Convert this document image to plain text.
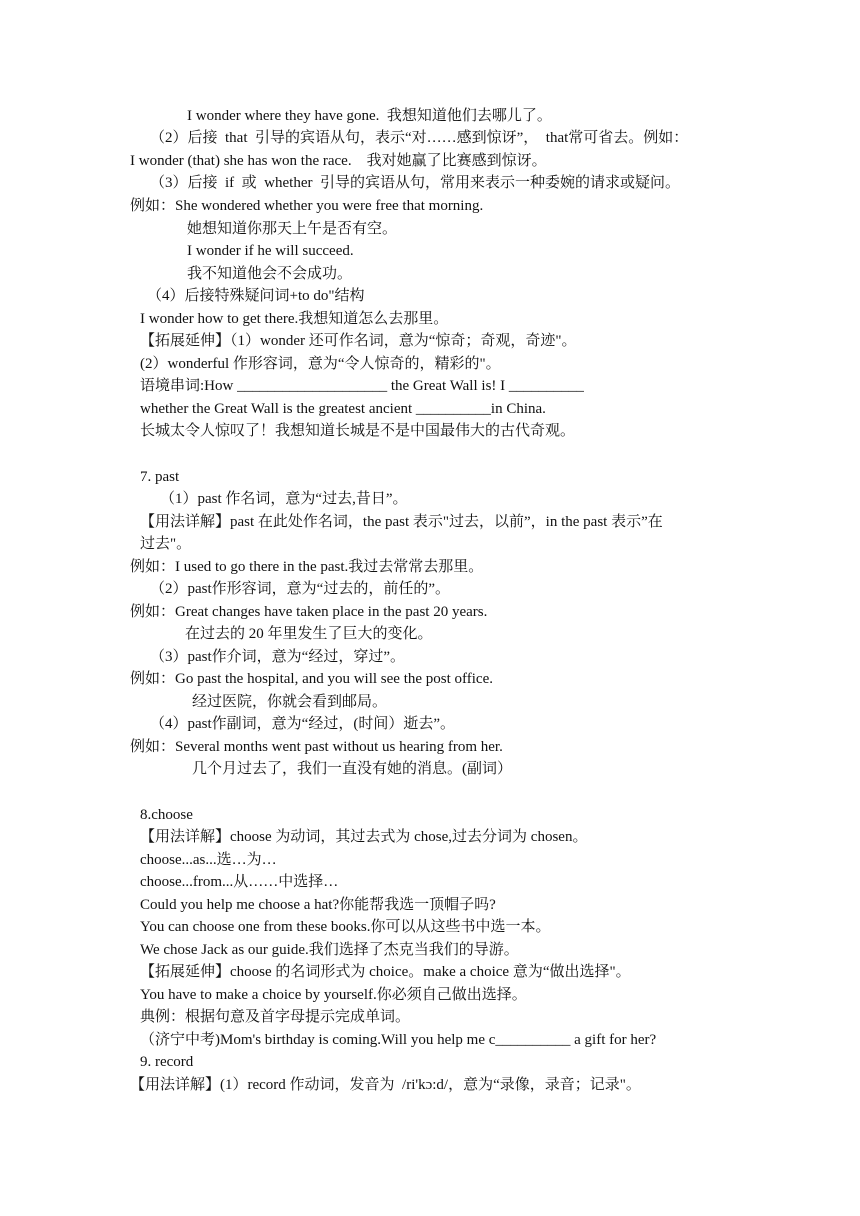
I wonder where they have gone.  我想知道他们去哪儿了。
（2）后接  that  引导的宾语从句，表示“对……感到惊讶”，  that常可省去。例如：
I wonder (that) she has won the race.    我对她赢了比赛感到惊讶。
（3）后接  if  或  whether  引导的宾语从句，常用来表示一种委婉的请求或疑问。
例如：She wondered whether you were free that morning.
她想知道你那天上午是否有空。
I wonder if he will succeed.
我不知道他会不会成功。
（4）后接特殊疑问词+to do"结构
I wonder how to get there.我想知道怎么去那里。
【拓展延伸】（1）wonder 还可作名词，意为“惊奇；奇观，奇迹"。
(2）wonderful 作形容词，意为“令人惊奇的，精彩的"。
语境串词:How ____________________ the Great Wall is! I __________
whether the Great Wall is the greatest ancient __________in China.
长城太令人惊叹了！我想知道长城是不是中国最伟大的古代奇观。
7. past
（1）past 作名词，意为“过去,昔日”。
【用法详解】past 在此处作名词，the past 表示"过去，以前”，in the past 表示”在
过去"。
例如：I used to go there in the past.我过去常常去那里。
（2）past作形容词，意为“过去的，前任的”。
例如：Great changes have taken place in the past 20 years.
在过去的 20 年里发生了巨大的变化。
（3）past作介词，意为“经过，穿过”。
例如：Go past the hospital, and you will see the post office.
经过医院，你就会看到邮局。
（4）past作副词，意为“经过，(时间）逝去”。
例如：Several months went past without us hearing from her.
几个月过去了，我们一直没有她的消息。(副词）
8.choose
【用法详解】choose 为动词，其过去式为 chose,过去分词为 chosen。
choose...as...选…为…
choose...from...从……中选择…
Could you help me choose a hat?你能帮我选一顶帽子吗?
You can choose one from these books.你可以从这些书中选一本。
We chose Jack as our guide.我们选择了杰克当我们的导游。
【拓展延伸】choose 的名词形式为 choice。make a choice 意为“做出选择"。
You have to make a choice by yourself.你必须自己做出选择。
典例：根据句意及首字母提示完成单词。
（济宁中考)Mom's birthday is coming.Will you help me c__________ a gift for her?
9. record
【用法详解】(1）record 作动词，发音为  /ri'kɔ:d/，意为“录像，录音；记录"。
